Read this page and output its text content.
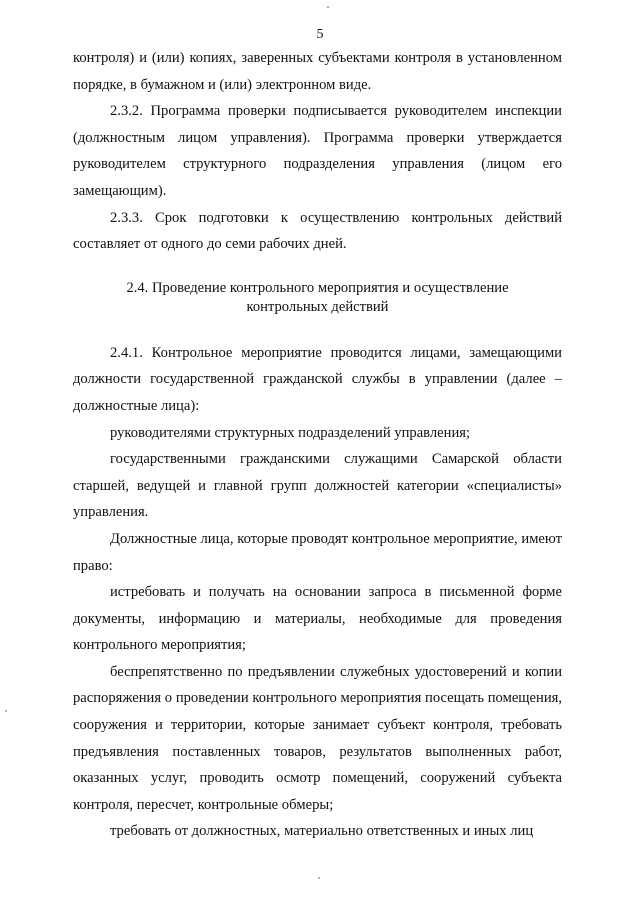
5

контроля) и (или) копиях, заверенных субъектами контроля в установленном порядке, в бумажном и (или) электронном виде.

2.3.2. Программа проверки подписывается руководителем инспекции (должностным лицом управления). Программа проверки утверждается руководителем структурного подразделения управления (лицом его замещающим).

2.3.3. Срок подготовки к осуществлению контрольных действий составляет от одного до семи рабочих дней.

2.4. Проведение контрольного мероприятия и осуществление
контрольных действий

2.4.1. Контрольное мероприятие проводится лицами, замещающими должности государственной гражданской службы в управлении (далее – должностные лица):

руководителями структурных подразделений управления;

государственными гражданскими служащими Самарской области старшей, ведущей и главной групп должностей категории «специалисты» управления.

Должностные лица, которые проводят контрольное мероприятие, имеют право:

истребовать и получать на основании запроса в письменной форме документы, информацию и материалы, необходимые для проведения контрольного мероприятия;

беспрепятственно по предъявлении служебных удостоверений и копии распоряжения о проведении контрольного мероприятия посещать помещения, сооружения и территории, которые занимает субъект контроля, требовать предъявления поставленных товаров, результатов выполненных работ, оказанных услуг, проводить осмотр помещений, сооружений субъекта контроля, пересчет, контрольные обмеры;

требовать от должностных, материально ответственных и иных лиц
